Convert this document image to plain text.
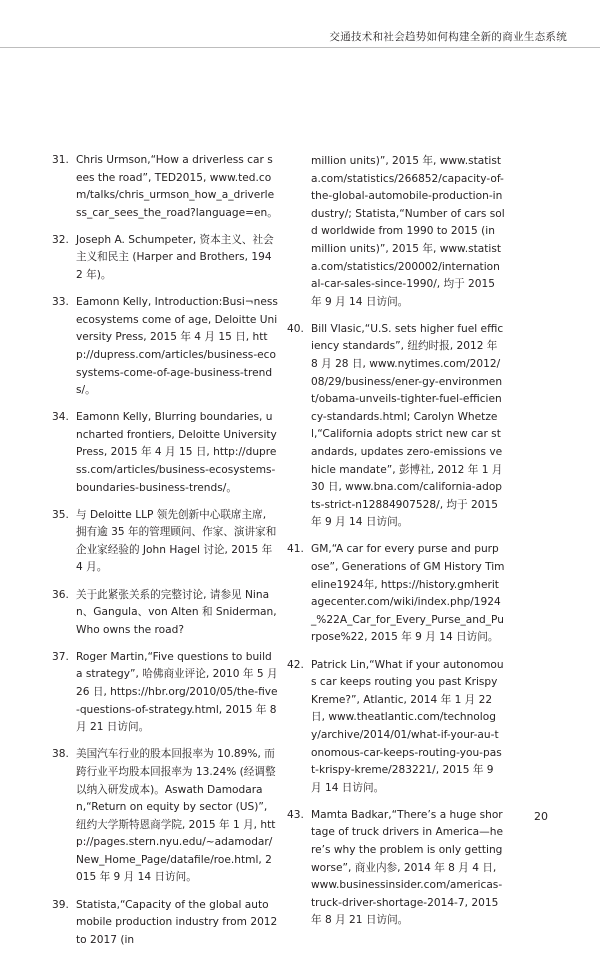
交通技术和社会趋势如何构建全新的商业生态系统
31. Chris Urmson,“How a driverless car sees the road”, TED2015, www.ted.com/talks/chris_urmson_how_a_driverless_car_sees_the_road?language=en。
32. Joseph A. Schumpeter, 资本主义、社会主义和民主 (Harper and Brothers, 1942 年)。
33. Eamonn Kelly, Introduction:Busi¬ness ecosystems come of age, Deloitte University Press, 2015 年 4 月 15 日, http://dupress.com/articles/business-ecosystems-come-of-age-business-trends/。
34. Eamonn Kelly, Blurring boundaries, uncharted frontiers, Deloitte University Press, 2015 年 4 月 15 日, http://dupress.com/articles/business-ecosystems-boundaries-business-trends/。
35. 与 Deloitte LLP 领先创新中心联席主席, 拥有逾 35 年的管理顾问、作家、演讲家和企业家经验的 John Hagel 讨论, 2015 年 4 月。
36. 关于此紧张关系的完整讨论, 请参见 Ninan、Gangula、von Alten 和 Sniderman, Who owns the road?
37. Roger Martin,“Five questions to build a strategy”, 哈佛商业评论, 2010 年 5 月 26 日, https://hbr.org/2010/05/the-five-questions-of-strategy.html, 2015 年 8 月 21 日访问。
38. 美国汽车行业的股本回报率为 10.89%, 而跨行业平均股本回报率为 13.24% (经调整以纳入研发成本)。Aswath Damodaran,“Return on equity by sector (US)”, 纽约大学斯特恩商学院, 2015 年 1 月, http://pages.stern.nyu.edu/~adamodar/New_Home_Page/datafile/roe.html, 2015 年 9 月 14 日访问。
39. Statista,“Capacity of the global automobile production industry from 2012 to 2017 (in
million units)”, 2015 年, www.statista.com/statistics/266852/capacity-of-the-global-automobile-production-industry/; Statista,“Number of cars sold worldwide from 1990 to 2015 (in million units)”, 2015 年, www.statista.com/statistics/200002/international-car-sales-since-1990/, 均于 2015 年 9 月 14 日访问。
40. Bill Vlasic,“U.S. sets higher fuel efficiency standards”, 纽约时报, 2012 年 8 月 28 日, www.nytimes.com/2012/08/29/business/ener-gy-environment/obama-unveils-tighter-fuel-efficiency-standards.html; Carolyn Whetzel,“California adopts strict new car standards, updates zero-emissions vehicle mandate”, 彭博社, 2012 年 1 月 30 日, www.bna.com/california-adopts-strict-n12884907528/, 均于 2015 年 9 月 14 日访问。
41. GM,“A car for every purse and purpose”, Generations of GM History Timeline1924年, https://history.gmheritagecenter.com/wiki/index.php/1924_%22A_Car_for_Every_Purse_and_Purpose%22, 2015 年 9 月 14 日访问。
42. Patrick Lin,“What if your autonomous car keeps routing you past Krispy Kreme?”, Atlantic, 2014 年 1 月 22 日, www.theatlantic.com/technology/archive/2014/01/what-if-your-au-tonomous-car-keeps-routing-you-past-krispy-kreme/283221/, 2015 年 9 月 14 日访问。
43. Mamta Badkar,“There’s a huge shortage of truck drivers in America—here’s why the problem is only getting worse”, 商业内参, 2014 年 8 月 4 日, www.businessinsider.com/americas-truck-driver-shortage-2014-7, 2015 年 8 月 21 日访问。
20
